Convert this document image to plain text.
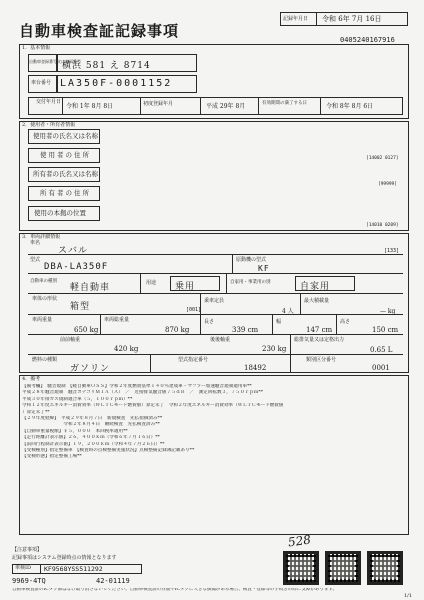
自動車検査証記録事項
記録年月日 令和 6年 7月 16日
0405240167916
1．基本情報
自動車登録番号又は車両番号
横浜 581 え 8714
車台番号 LA350F-0001152
交付年月日
令和 1年 8月 8日	初度登録年月	平成 29年 8月	有効期間の満了する日	令和 8年 8月 6日
2．使用者・所有者情報
使用者の氏名又は名称
使用者の住所	[14002 0127]
所有者の氏名又は名称
所有者の住所
[99999]
使用の本拠の位置
[14010 0209]
3．車両詳細情報
車名
スバル	[133]
型式
DBA-LA350F
原動機の型式
KF
自動車の種別
軽自動車	用途 乗用	自家用・事業用の別	自家用
車体の形状
箱型	[001]
乗車定員
4 人
最大積載量
— kg
車両重量
650 kg
車両総重量
870 kg
長さ
339 cm
幅
147 cm
高さ
150 cm
前前軸重
420 kg
後後軸重
230 kg
総排気量又は定格出力
0.65 L
燃料の種類
ガソリン
型式指定番号
18492
類別区分番号
0001
4．備考
【備考欄】　騒音規制　【軽自動車ＯＳＳ】令和２年度燃費基準１４０％達成車・マフラー加速騒音規制適用車**
平成２８年騒音規制　騒音カテゴリＭ１Ａ（Ａ）　／　近接排気騒音値７５ｄＢ　／　測定回転数３，７５０ｒｐｍ**
平成３０年排ガス規制適合車（５，１００ｒｐｍ）**
令和１２年度エネルギー消費効率（ＷＬＴＣモード燃費値）算定未了　令和２年度エネルギー消費効率（ＷＬＴＣモード燃費値
）算定未了**
【２９年度経緯】　平成２９年８月７日　新規検査　先払指摘済み**
　　　　　　　　　令和２年８月４日　継続検査　先払検査済み**
【自動車重量税額】￥５，０００　本回税率適用**
【走行距離計表示値】２６，４００ｋｍ（令和６年７月１６日）**
【前回行程制計表示値】１９，２００ｋｍ（令和４年７月２６日）**
【受検種別】指定整備車　【検査時の点検整備実施状況】点検整備記録簿記載あり**
【受検形態】指定整備工場**
528
【注意事項】
記録事項はシステム登録時点の情報となります
車検ID KF9568YSS511292
9969-4TQ	42-01119
自動車検査証のICタグ部はなげ取り消さないでください。自動車検査証の券面やICタグに大きな損傷がある場合、検査・登録等の手続きの際に支障があります。
1/1
